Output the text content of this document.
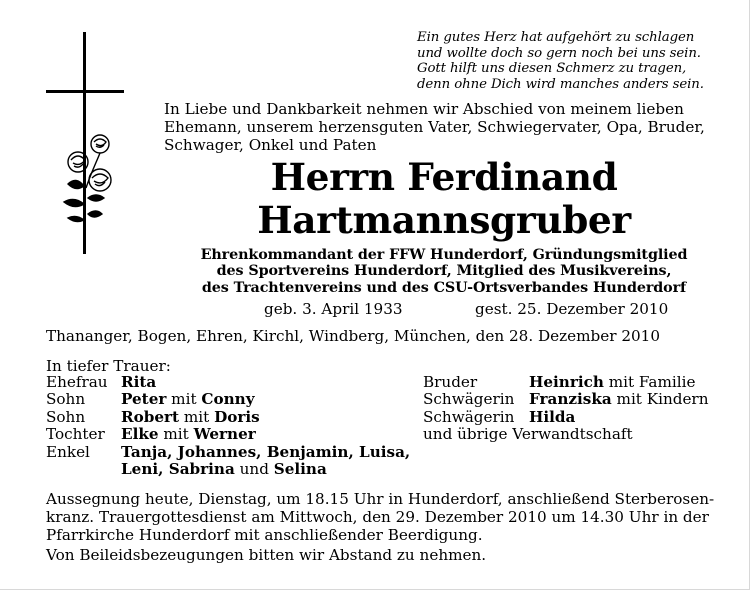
Ein gutes Herz hat aufgehört zu schlagen
und wollte doch so gern noch bei uns sein.
Gott hilft uns diesen Schmerz zu tragen,
denn ohne Dich wird manches anders sein.
In Liebe und Dankbarkeit nehmen wir Abschied von meinem lieben
Ehemann, unserem herzensguten Vater, Schwiegervater, Opa, Bruder,
Schwager, Onkel und Paten
Herrn Ferdinand
Hartmannsgruber
Ehrenkommandant der FFW Hunderdorf, Gründungsmitglied
des Sportvereins Hunderdorf, Mitglied des Musikvereins,
des Trachtenvereins und des CSU-Ortsverbandes Hunderdorf
geb. 3. April 1933	gest. 25. Dezember 2010
Thananger, Bogen, Ehren, Kirchl, Windberg, München, den 28. Dezember 2010
In tiefer Trauer:
Ehefrau Rita
Sohn	Peter mit Conny
Sohn	Robert mit Doris
Tochter	Elke mit Werner
Enkel	Tanja, Johannes, Benjamin, Luisa,
Leni, Sabrina und Selina
Bruder	Heinrich mit Familie
Schwägerin Franziska mit Kindern
Schwägerin Hilda
und übrige Verwandtschaft
Aussegnung heute, Dienstag, um 18.15 Uhr in Hunderdorf, anschließend Sterberosen-
kranz. Trauergottesdienst am Mittwoch, den 29. Dezember 2010 um 14.30 Uhr in der
Pfarrkirche Hunderdorf mit anschließender Beerdigung.
Von Beileidsbezeugungen bitten wir Abstand zu nehmen.
